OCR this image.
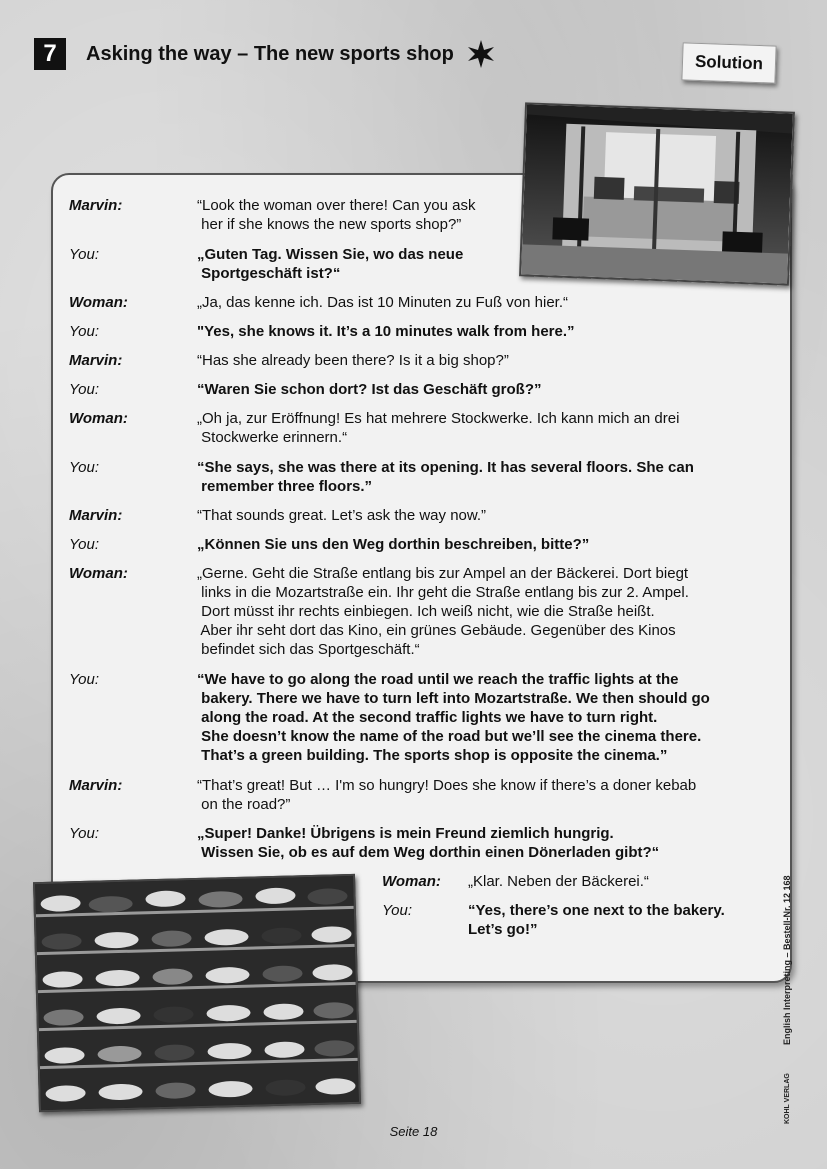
7	Asking the way – The new sports shop	Solution
Marvin:	“Look the woman over there! Can you ask
her if she knows the new sports shop?”
You:	„Guten Tag. Wissen Sie, wo das neue
Sportgeschäft ist?“
Woman:	„Ja, das kenne ich. Das ist 10 Minuten zu Fuß von hier.“
You:	"Yes, she knows it. It’s a 10 minutes walk from here.”
Marvin:	“Has she already been there? Is it a big shop?”
You:	“Waren Sie schon dort? Ist das Geschäft groß?”
Woman:	„Oh ja, zur Eröffnung! Es hat mehrere Stockwerke. Ich kann mich an drei
Stockwerke erinnern.“
You:	“She says, she was there at its opening. It has several floors. She can
remember three floors.”
Marvin:	“That sounds great. Let’s ask the way now.”
You:	„Können Sie uns den Weg dorthin beschreiben, bitte?”
Woman:	„Gerne. Geht die Straße entlang bis zur Ampel an der Bäckerei. Dort biegt
links in die Mozartstraße ein. Ihr geht die Straße entlang bis zur 2. Ampel.
Dort müsst ihr rechts einbiegen. Ich weiß nicht, wie die Straße heißt.
Aber ihr seht dort das Kino, ein grünes Gebäude. Gegenüber des Kinos
befindet sich das Sportgeschäft.“
You:	“We have to go along the road until we reach the traffic lights at the
bakery. There we have to turn left into Mozartstraße. We then should go
along the road. At the second traffic lights we have to turn right.
She doesn’t know the name of the road but we’ll see the cinema there.
That’s a green building. The sports shop is opposite the cinema.”
Marvin:	“That’s great! But … I'm so hungry! Does she know if there’s a doner kebab
on the road?”
You:	„Super! Danke! Übrigens is mein Freund ziemlich hungrig.
Wissen Sie, ob es auf dem Weg dorthin einen Dönerladen gibt?“
Woman:	„Klar. Neben der Bäckerei.“
You:	“Yes, there’s one next to the bakery.
Let’s go!”	English Interpreting – Bestell-Nr. 12 168
KOHL VERLAG
Seite 18
